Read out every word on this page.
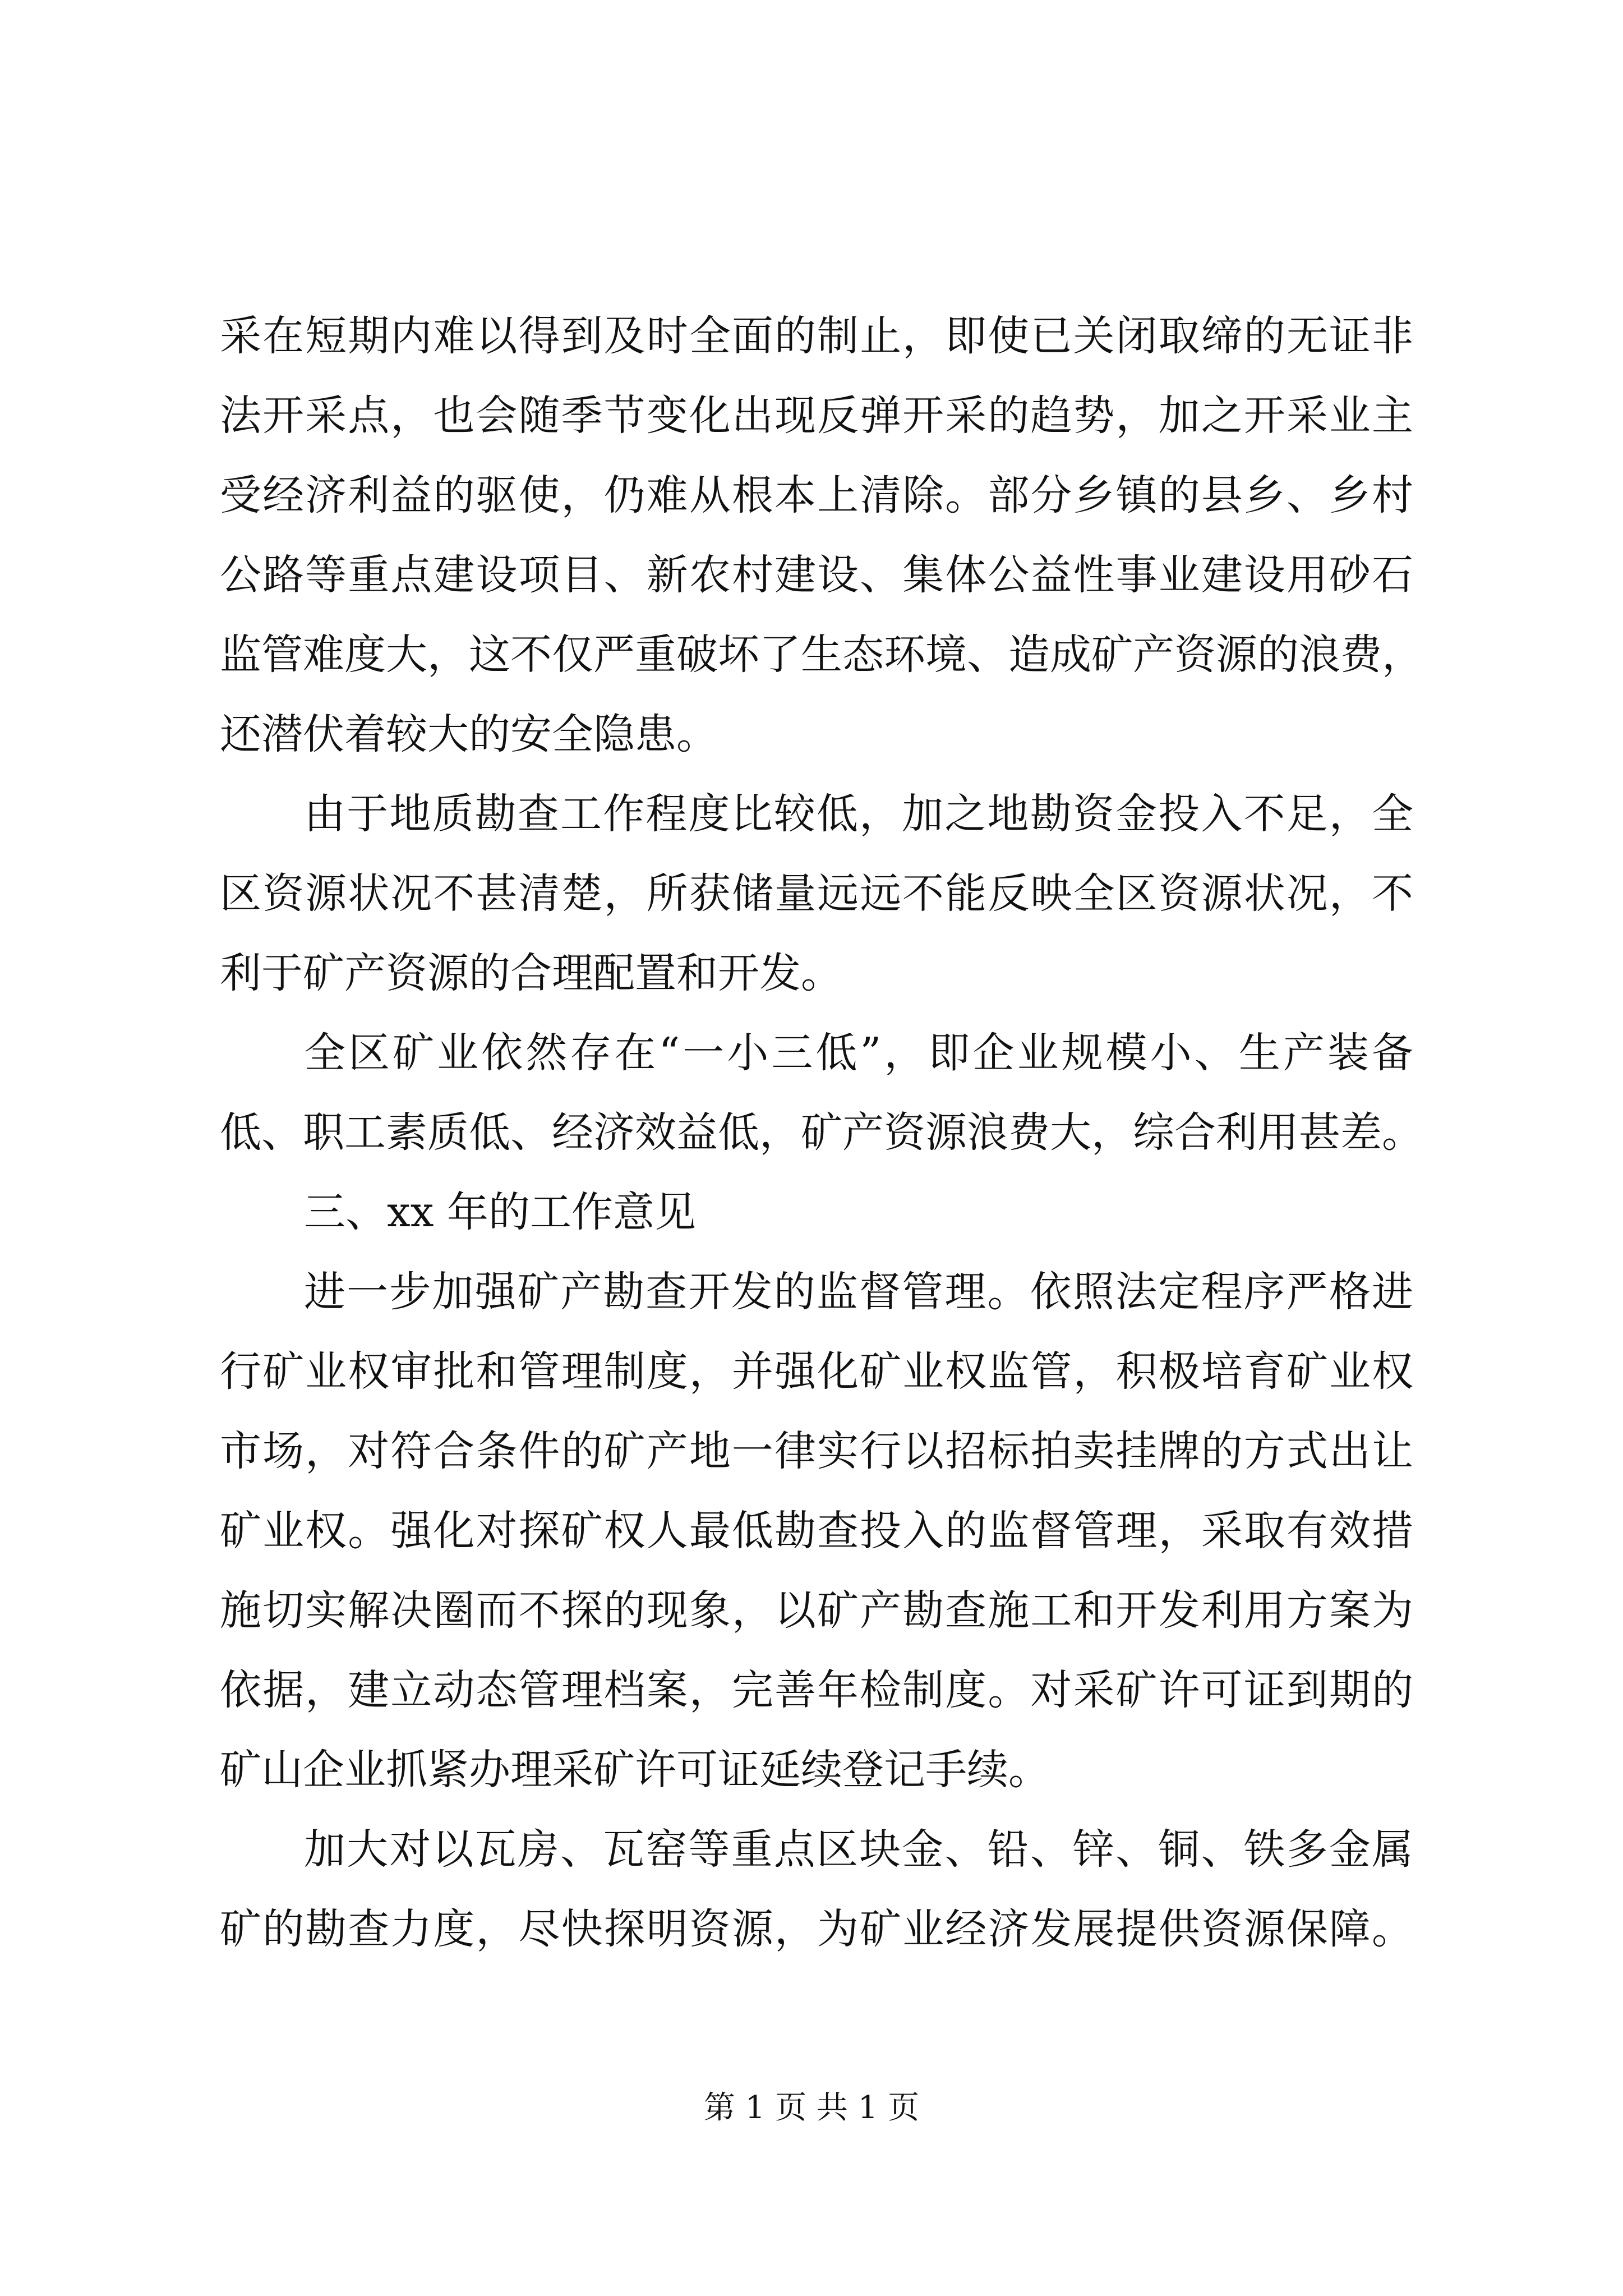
采在短期内难以得到及时全面的制止，即使已关闭取缔的无证非
法开采点，也会随季节变化出现反弹开采的趋势，加之开采业主
受经济利益的驱使，仍难从根本上清除。部分乡镇的县乡、乡村
公路等重点建设项目、新农村建设、集体公益性事业建设用砂石
监管难度大，这不仅严重破坏了生态环境、造成矿产资源的浪费，
还潜伏着较大的安全隐患。
由于地质勘查工作程度比较低，加之地勘资金投入不足，全
区资源状况不甚清楚，所获储量远远不能反映全区资源状况，不
利于矿产资源的合理配置和开发。
全区矿业依然存在“一小三低”，即企业规模小、生产装备
低、职工素质低、经济效益低，矿产资源浪费大，综合利用甚差。
三、xx 年的工作意见
进一步加强矿产勘查开发的监督管理。依照法定程序严格进
行矿业权审批和管理制度，并强化矿业权监管，积极培育矿业权
市场，对符合条件的矿产地一律实行以招标拍卖挂牌的方式出让
矿业权。强化对探矿权人最低勘查投入的监督管理，采取有效措
施切实解决圈而不探的现象，以矿产勘查施工和开发利用方案为
依据，建立动态管理档案，完善年检制度。对采矿许可证到期的
矿山企业抓紧办理采矿许可证延续登记手续。
加大对以瓦房、瓦窑等重点区块金、铅、锌、铜、铁多金属
矿的勘查力度，尽快探明资源，为矿业经济发展提供资源保障。
第 1 页 共 1 页
